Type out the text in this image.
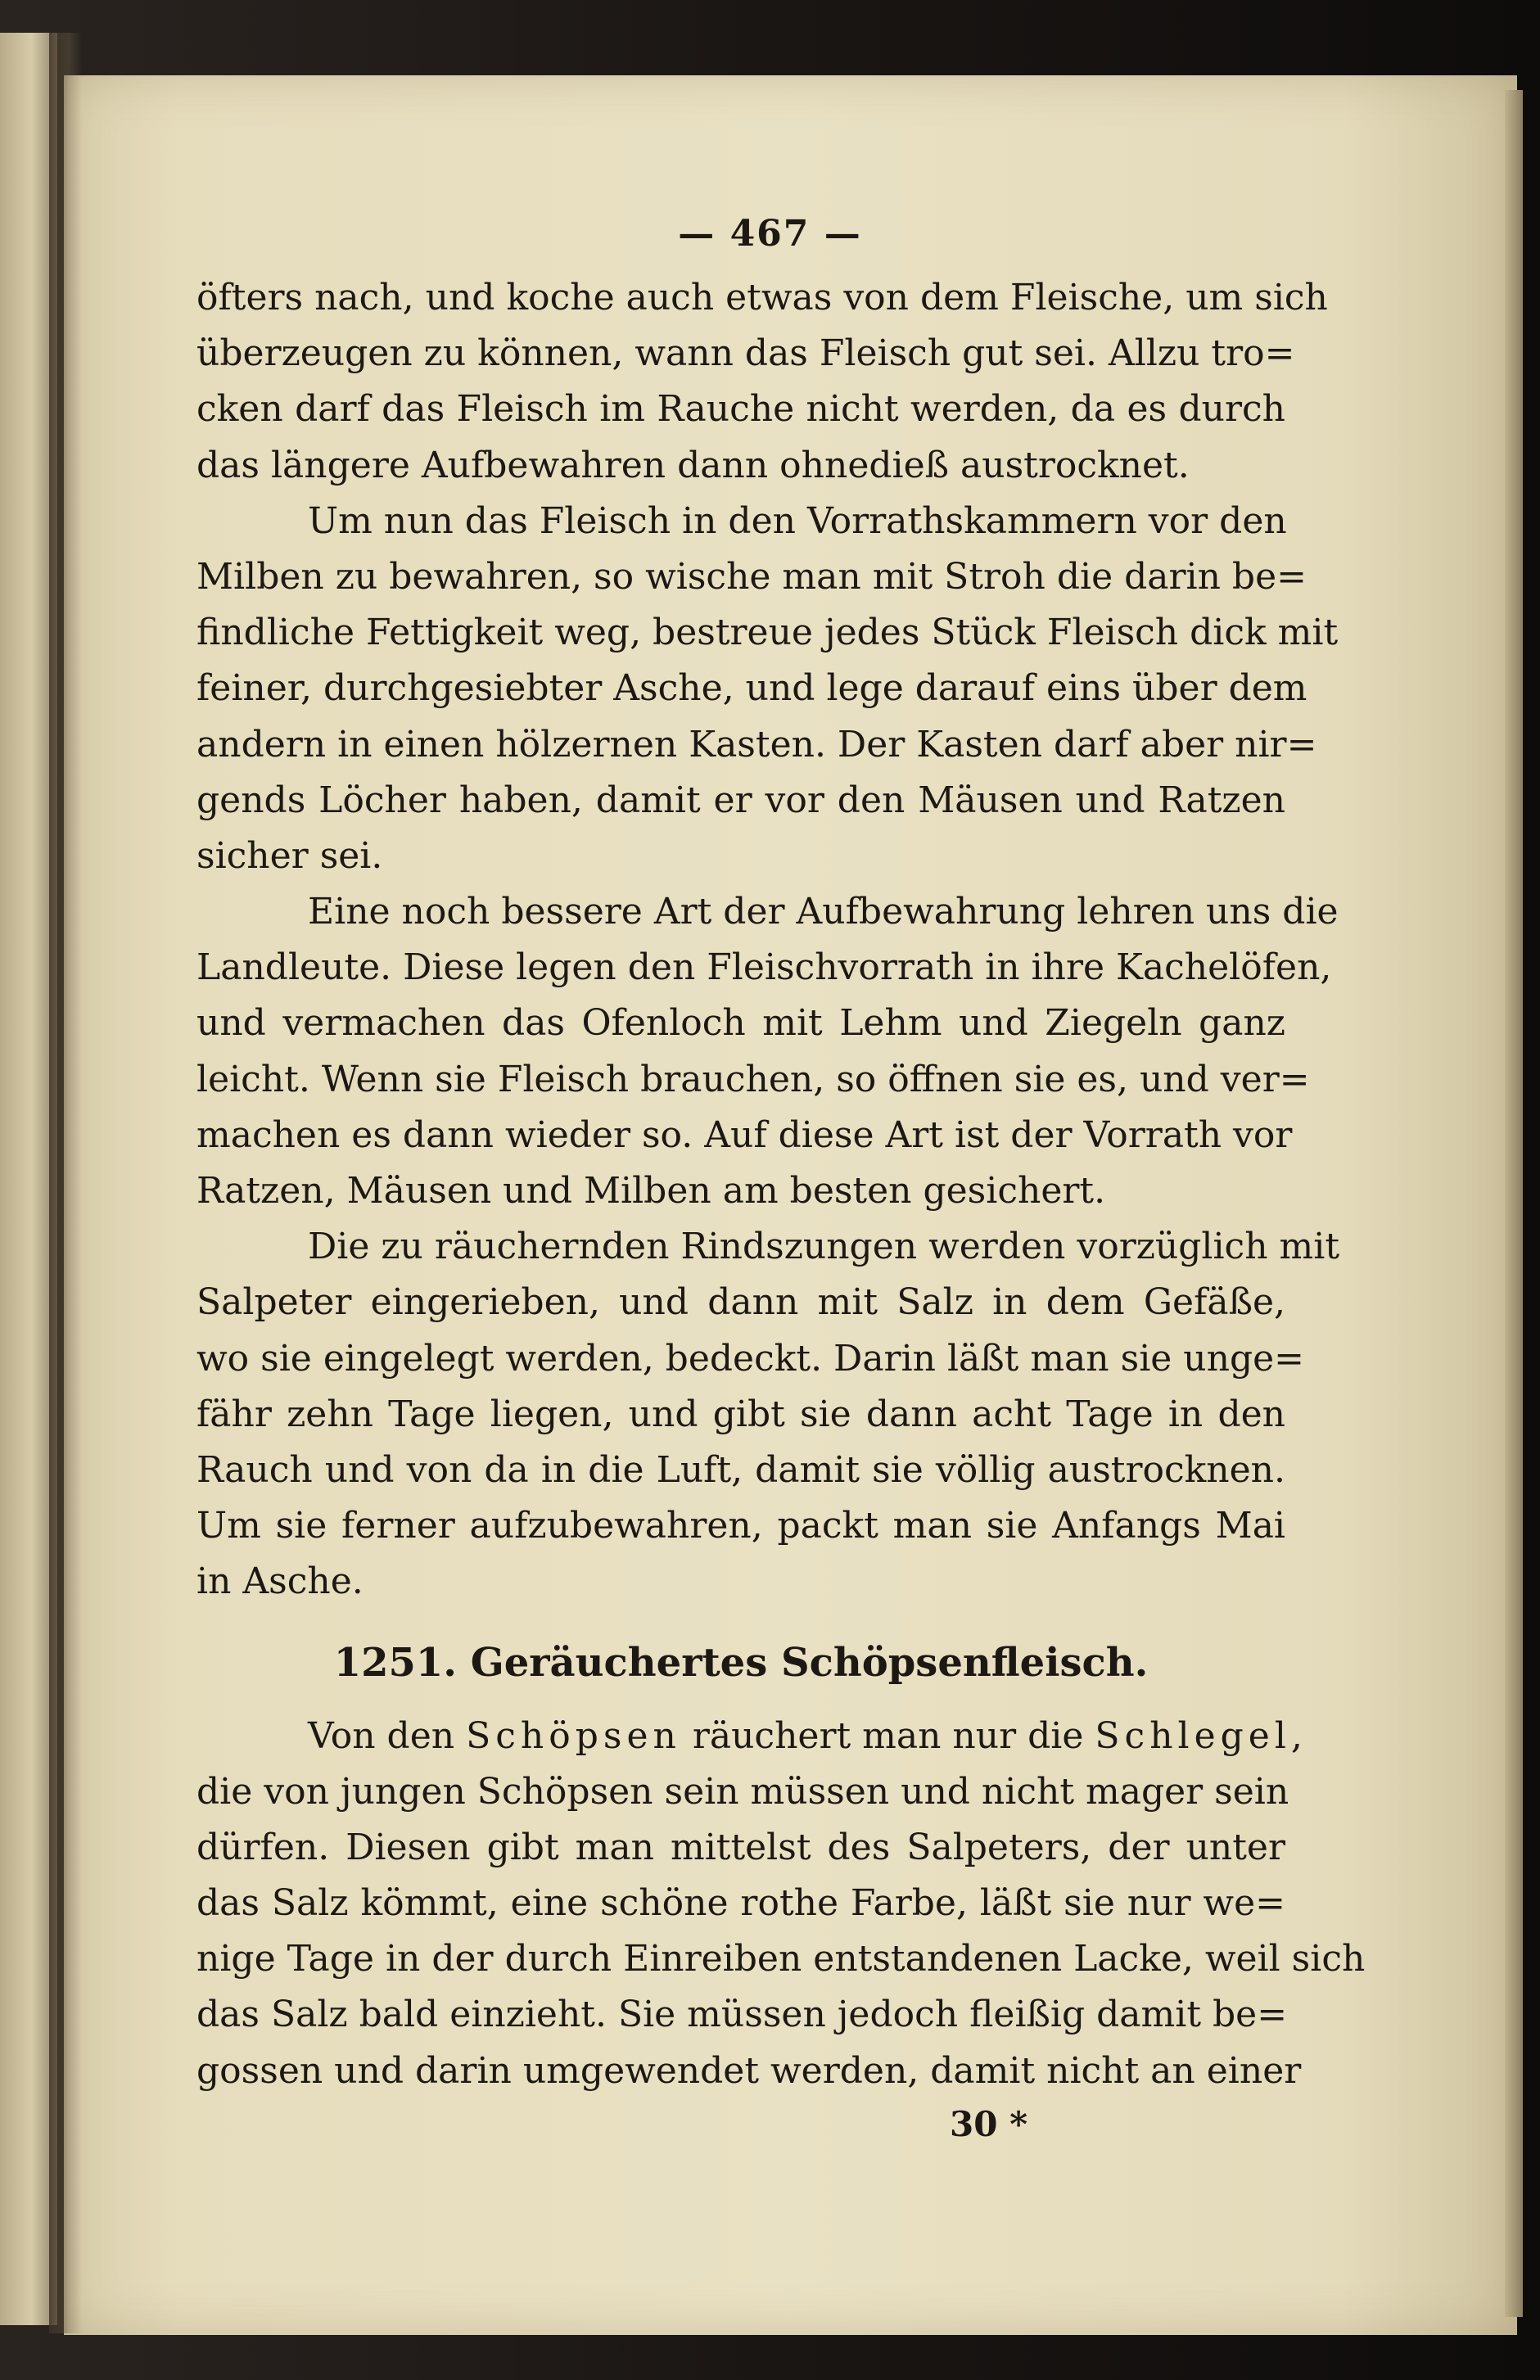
— 467 —
öfters nach, und koche auch etwas von dem Fleische, um sich
überzeugen zu können, wann das Fleisch gut sei. Allzu tro=
cken darf das Fleisch im Rauche nicht werden, da es durch
das längere Aufbewahren dann ohnedieß austrocknet.
Um nun das Fleisch in den Vorrathskammern vor den
Milben zu bewahren, so wische man mit Stroh die darin be=
findliche Fettigkeit weg, bestreue jedes Stück Fleisch dick mit
feiner, durchgesiebter Asche, und lege darauf eins über dem
andern in einen hölzernen Kasten. Der Kasten darf aber nir=
gends Löcher haben, damit er vor den Mäusen und Ratzen
sicher sei.
Eine noch bessere Art der Aufbewahrung lehren uns die
Landleute. Diese legen den Fleischvorrath in ihre Kachelöfen,
und vermachen das Ofenloch mit Lehm und Ziegeln ganz
leicht. Wenn sie Fleisch brauchen, so öffnen sie es, und ver=
machen es dann wieder so. Auf diese Art ist der Vorrath vor
Ratzen, Mäusen und Milben am besten gesichert.
Die zu räuchernden Rindszungen werden vorzüglich mit
Salpeter eingerieben, und dann mit Salz in dem Gefäße,
wo sie eingelegt werden, bedeckt. Darin läßt man sie unge=
fähr zehn Tage liegen, und gibt sie dann acht Tage in den
Rauch und von da in die Luft, damit sie völlig austrocknen.
Um sie ferner aufzubewahren, packt man sie Anfangs Mai
in Asche.
1251. Geräuchertes Schöpsenfleisch.
Von den Schöpsen räuchert man nur die Schlegel,
die von jungen Schöpsen sein müssen und nicht mager sein
dürfen. Diesen gibt man mittelst des Salpeters, der unter
das Salz kömmt, eine schöne rothe Farbe, läßt sie nur we=
nige Tage in der durch Einreiben entstandenen Lacke, weil sich
das Salz bald einzieht. Sie müssen jedoch fleißig damit be=
gossen und darin umgewendet werden, damit nicht an einer
30 *
